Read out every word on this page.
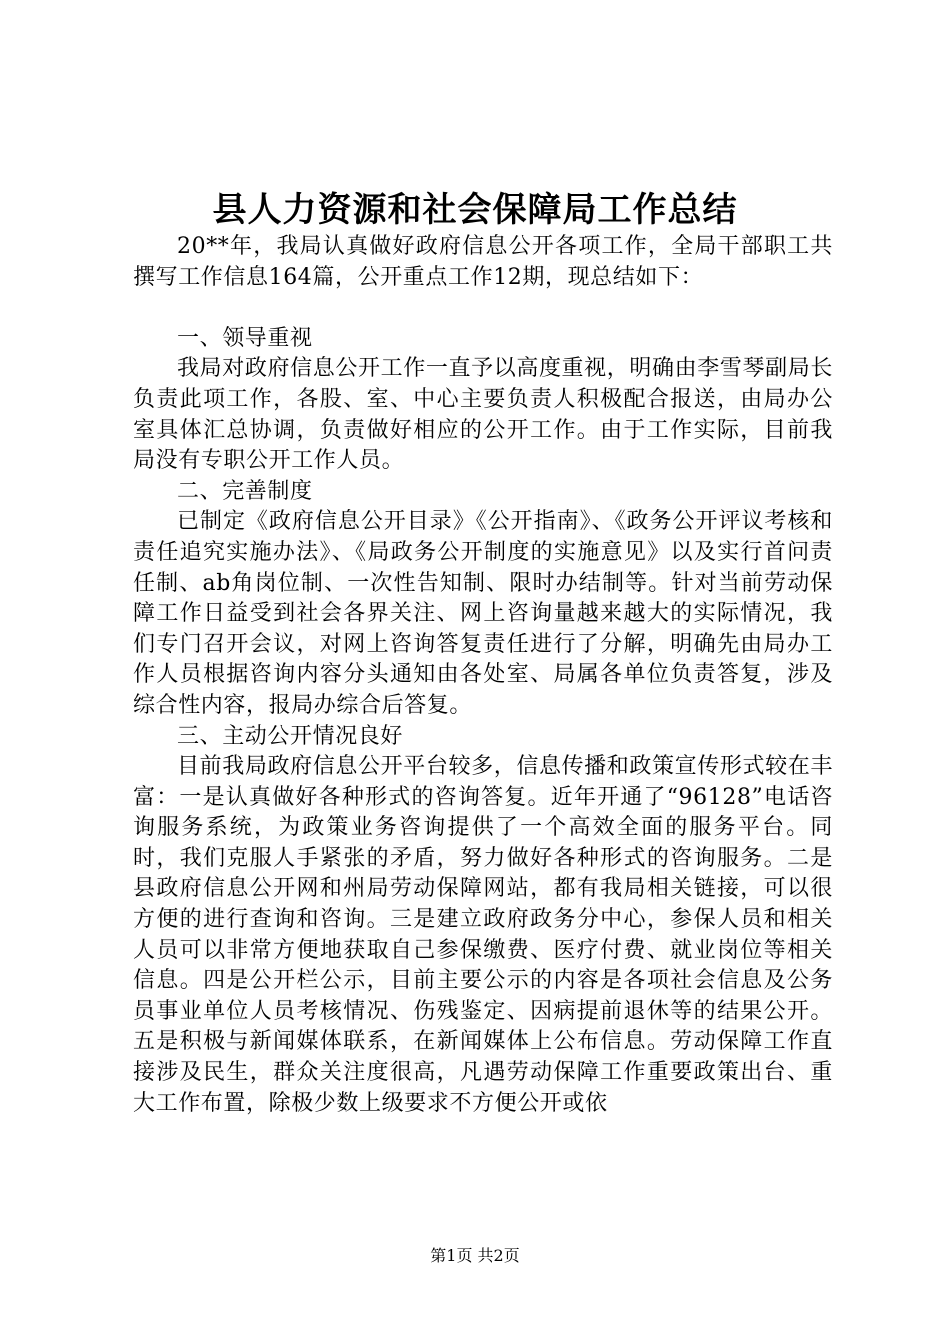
县人力资源和社会保障局工作总结

20**年，我局认真做好政府信息公开各项工作，全局干部职工共撰写工作信息164篇，公开重点工作12期，现总结如下：

一、领导重视

我局对政府信息公开工作一直予以高度重视，明确由李雪琴副局长负责此项工作，各股、室、中心主要负责人积极配合报送，由局办公室具体汇总协调，负责做好相应的公开工作。由于工作实际，目前我局没有专职公开工作人员。

二、完善制度

已制定《政府信息公开目录》《公开指南》、《政务公开评议考核和责任追究实施办法》、《局政务公开制度的实施意见》以及实行首问责任制、ab角岗位制、一次性告知制、限时办结制等。针对当前劳动保障工作日益受到社会各界关注、网上咨询量越来越大的实际情况，我们专门召开会议，对网上咨询答复责任进行了分解，明确先由局办工作人员根据咨询内容分头通知由各处室、局属各单位负责答复，涉及综合性内容，报局办综合后答复。

三、主动公开情况良好

目前我局政府信息公开平台较多，信息传播和政策宣传形式较在丰富：一是认真做好各种形式的咨询答复。近年开通了“96128”电话咨询服务系统，为政策业务咨询提供了一个高效全面的服务平台。同时，我们克服人手紧张的矛盾，努力做好各种形式的咨询服务。二是县政府信息公开网和州局劳动保障网站，都有我局相关链接，可以很方便的进行查询和咨询。三是建立政府政务分中心，参保人员和相关人员可以非常方便地获取自己参保缴费、医疗付费、就业岗位等相关信息。四是公开栏公示，目前主要公示的内容是各项社会信息及公务员事业单位人员考核情况、伤残鉴定、因病提前退休等的结果公开。五是积极与新闻媒体联系，在新闻媒体上公布信息。劳动保障工作直接涉及民生，群众关注度很高，凡遇劳动保障工作重要政策出台、重大工作布置，除极少数上级要求不方便公开或依

第1页 共2页
